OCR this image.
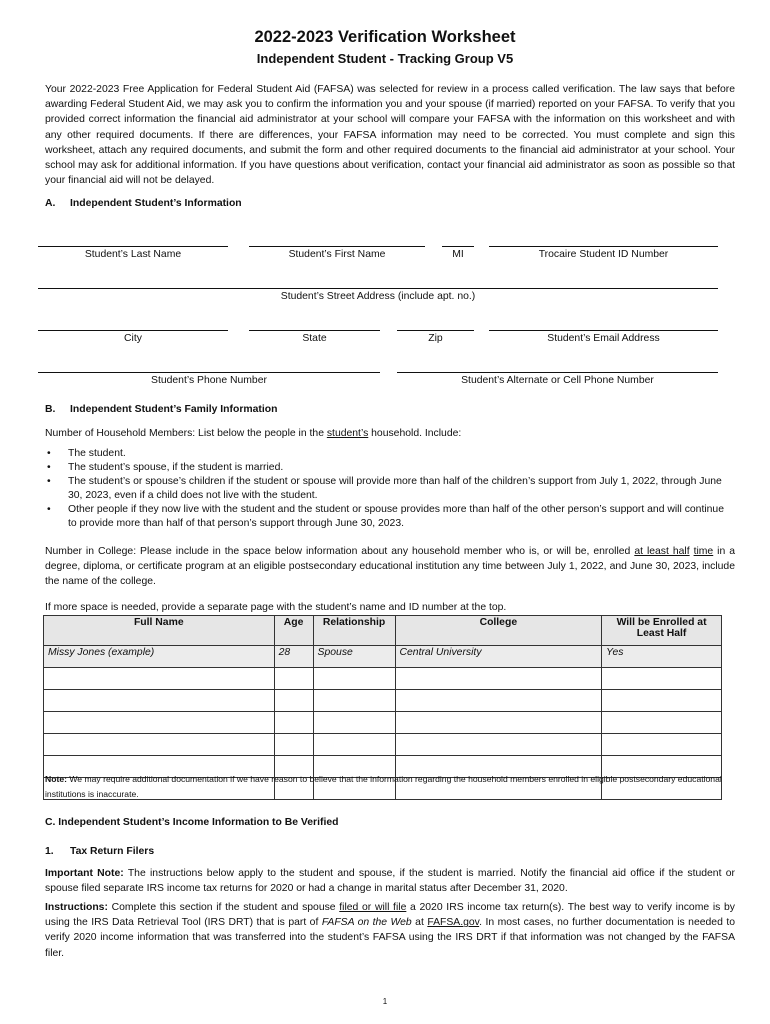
2022-2023 Verification Worksheet
Independent Student - Tracking Group V5
Your 2022-2023 Free Application for Federal Student Aid (FAFSA) was selected for review in a process called verification. The law says that before awarding Federal Student Aid, we may ask you to confirm the information you and your spouse (if married) reported on your FAFSA. To verify that you provided correct information the financial aid administrator at your school will compare your FAFSA with the information on this worksheet and with any other required documents. If there are differences, your FAFSA information may need to be corrected. You must complete and sign this worksheet, attach any required documents, and submit the form and other required documents to the financial aid administrator at your school. Your school may ask for additional information. If you have questions about verification, contact your financial aid administrator as soon as possible so that your financial aid will not be delayed.
A. Independent Student’s Information
Student’s Last Name	Student’s First Name	MI	Trocaire Student ID Number
Student’s Street Address (include apt. no.)
City	State	Zip	Student’s Email Address
Student’s Phone Number	Student’s Alternate or Cell Phone Number
B. Independent Student’s Family Information
Number of Household Members: List below the people in the student’s household. Include:
• The student.
• The student’s spouse, if the student is married.
• The student’s or spouse’s children if the student or spouse will provide more than half of the children’s support from July 1, 2022, through June 30, 2023, even if a child does not live with the student.
• Other people if they now live with the student and the student or spouse provides more than half of the other person’s support and will continue to provide more than half of that person’s support through June 30, 2023.
Number in College: Please include in the space below information about any household member who is, or will be, enrolled at least half time in a degree, diploma, or certificate program at an eligible postsecondary educational institution any time between July 1, 2022, and June 30, 2023, include the name of the college.
If more space is needed, provide a separate page with the student’s name and ID number at the top.
Full Name	Age	Relationship	College	Will be Enrolled at Least Half
Missy Jones (example)	28	Spouse	Central University	Yes

Note: We may require additional documentation if we have reason to believe that the information regarding the household members enrolled in eligible postsecondary educational institutions is inaccurate.
C. Independent Student’s Income Information to Be Verified
1. Tax Return Filers
Important Note: The instructions below apply to the student and spouse, if the student is married. Notify the financial aid office if the student or spouse filed separate IRS income tax returns for 2020 or had a change in marital status after December 31, 2020.
Instructions: Complete this section if the student and spouse filed or will file a 2020 IRS income tax return(s). The best way to verify income is by using the IRS Data Retrieval Tool (IRS DRT) that is part of FAFSA on the Web at FAFSA.gov. In most cases, no further documentation is needed to verify 2020 income information that was transferred into the student’s FAFSA using the IRS DRT if that information was not changed by the FAFSA filer.
1
